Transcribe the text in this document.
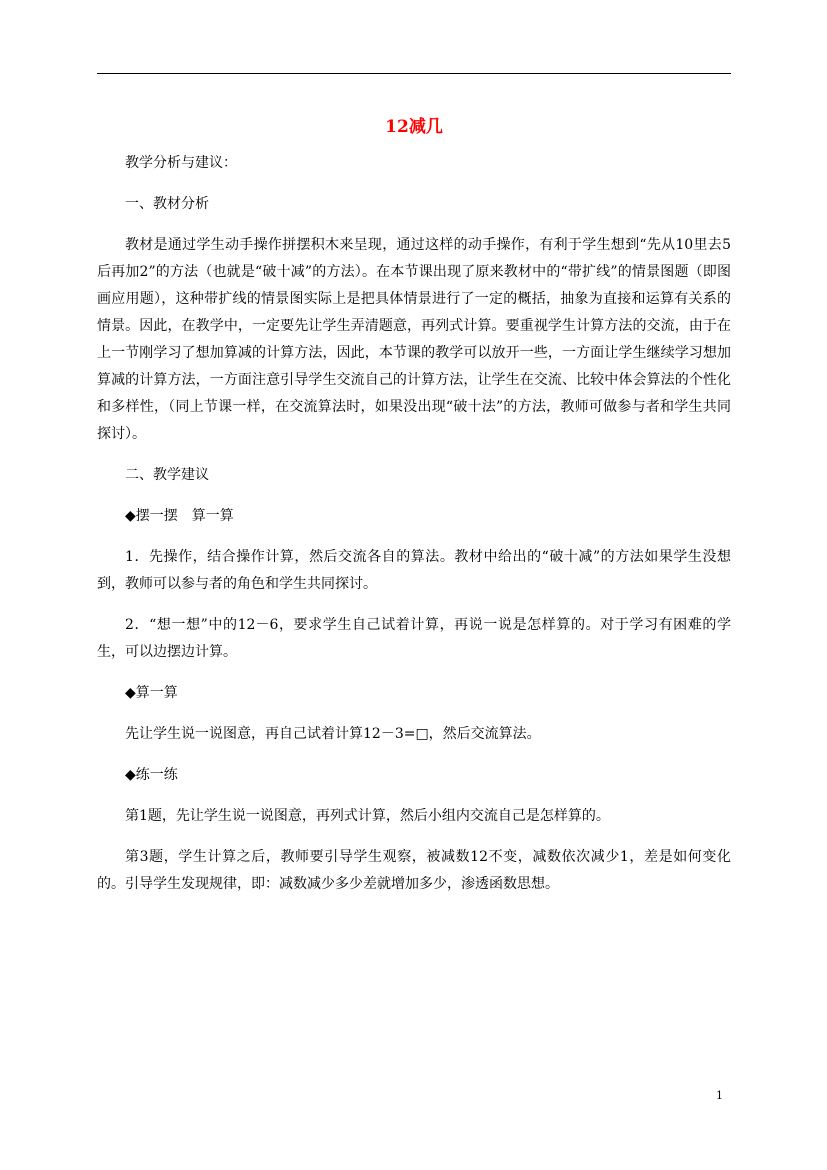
12减几

教学分析与建议：

一、教材分析

教材是通过学生动手操作拼摆积木来呈现，通过这样的动手操作，有利于学生想到“先从10里去5后再加2”的方法（也就是“破十减”的方法）。在本节课出现了原来教材中的“带扩线”的情景图题（即图画应用题），这种带扩线的情景图实际上是把具体情景进行了一定的概括，抽象为直接和运算有关系的情景。因此，在教学中，一定要先让学生弄清题意，再列式计算。要重视学生计算方法的交流，由于在上一节刚学习了想加算减的计算方法，因此，本节课的教学可以放开一些，一方面让学生继续学习想加算减的计算方法，一方面注意引导学生交流自己的计算方法，让学生在交流、比较中体会算法的个性化和多样性，（同上节课一样，在交流算法时，如果没出现“破十法”的方法，教师可做参与者和学生共同探讨）。

二、教学建议

◆摆一摆　算一算

1．先操作，结合操作计算，然后交流各自的算法。教材中给出的“破十减”的方法如果学生没想到，教师可以参与者的角色和学生共同探讨。

2．“想一想”中的12－6，要求学生自己试着计算，再说一说是怎样算的。对于学习有困难的学生，可以边摆边计算。

◆算一算

先让学生说一说图意，再自己试着计算12－3=□，然后交流算法。

◆练一练

第1题，先让学生说一说图意，再列式计算，然后小组内交流自己是怎样算的。

第3题，学生计算之后，教师要引导学生观察，被减数12不变，减数依次减少1，差是如何变化的。引导学生发现规律，即：减数减少多少差就增加多少，渗透函数思想。

1
